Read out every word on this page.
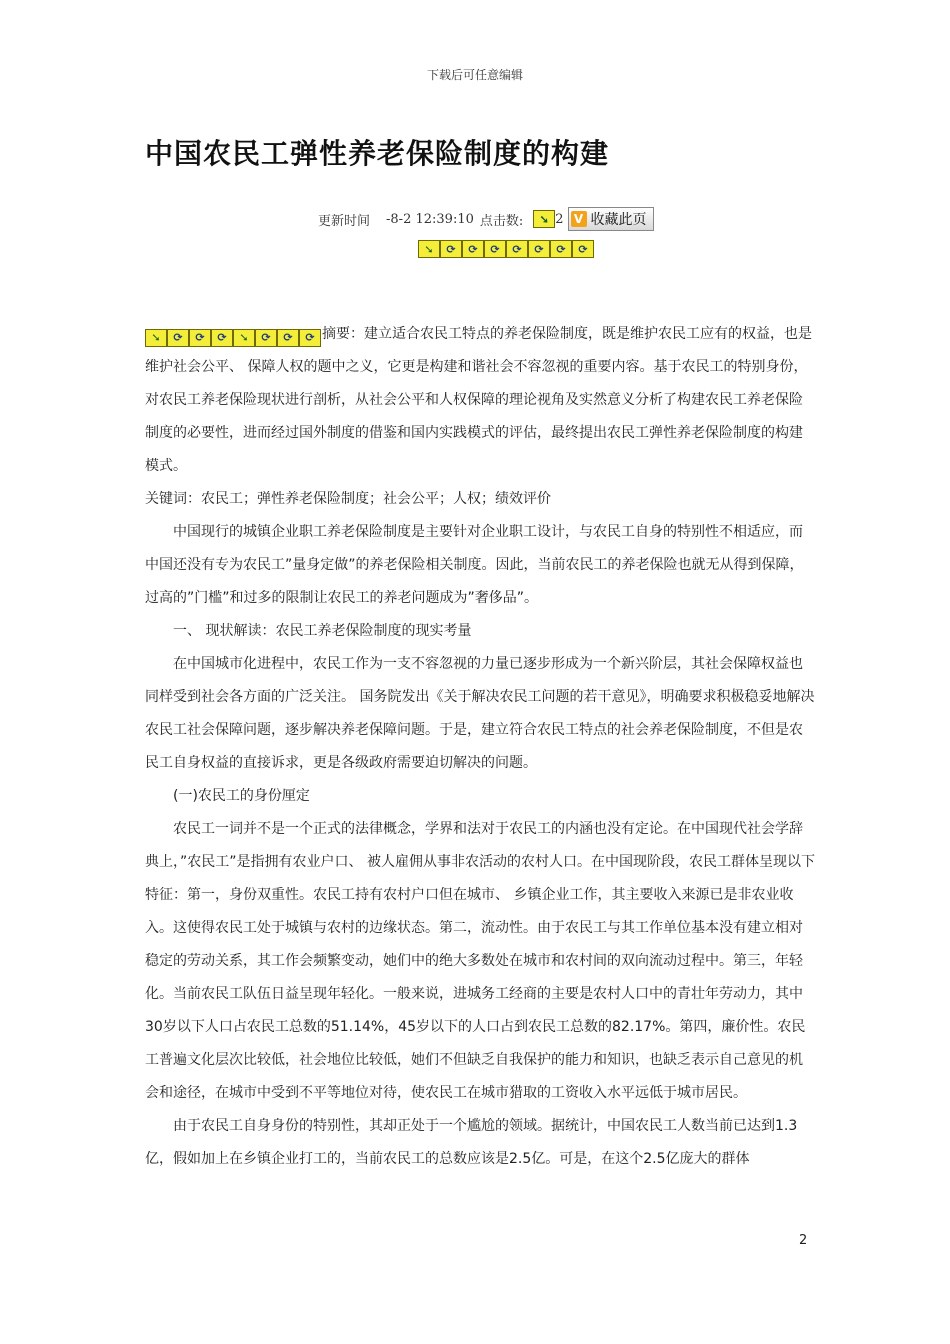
下载后可任意编辑
中国农民工弹性养老保险制度的构建
更新时间 -8-2 12:39:10 点击数:	➘ 2 V 收藏此页
➘	⟳	⟳	⟳	⟳	⟳	⟳	⟳

➘	⟳	⟳	⟳	➘	⟳	⟳	⟳ 摘要：建立适合农民工特点的养老保险制度，既是维护农民工应有的权益，也是维护社会公平、 保障人权的题中之义，它更是构建和谐社会不容忽视的重要内容。基于农民工的特别身份，对农民工养老保险现状进行剖析，从社会公平和人权保障的理论视角及实然意义分析了构建农民工养老保险制度的必要性，进而经过国外制度的借鉴和国内实践模式的评估，最终提出农民工弹性养老保险制度的构建模式。

关键词：农民工；弹性养老保险制度；社会公平；人权；绩效评价

中国现行的城镇企业职工养老保险制度是主要针对企业职工设计，与农民工自身的特别性不相适应，而中国还没有专为农民工”量身定做”的养老保险相关制度。因此，当前农民工的养老保险也就无从得到保障，过高的”门槛”和过多的限制让农民工的养老问题成为”奢侈品”。

一、 现状解读：农民工养老保险制度的现实考量

在中国城市化进程中，农民工作为一支不容忽视的力量已逐步形成为一个新兴阶层，其社会保障权益也同样受到社会各方面的广泛关注。 国务院发出《关于解决农民工问题的若干意见》，明确要求积极稳妥地解决农民工社会保障问题，逐步解决养老保障问题。于是，建立符合农民工特点的社会养老保险制度，不但是农民工自身权益的直接诉求，更是各级政府需要迫切解决的问题。

(一)农民工的身份厘定

农民工一词并不是一个正式的法律概念，学界和法对于农民工的内涵也没有定论。在中国现代社会学辞典上，”农民工”是指拥有农业户口、 被人雇佣从事非农活动的农村人口。在中国现阶段，农民工群体呈现以下特征：第一，身份双重性。农民工持有农村户口但在城市、 乡镇企业工作，其主要收入来源已是非农业收入。这使得农民工处于城镇与农村的边缘状态。第二，流动性。由于农民工与其工作单位基本没有建立相对稳定的劳动关系，其工作会频繁变动，她们中的绝大多数处在城市和农村间的双向流动过程中。第三，年轻化。当前农民工队伍日益呈现年轻化。一般来说，进城务工经商的主要是农村人口中的青壮年劳动力，其中30岁以下人口占农民工总数的51.14%，45岁以下的人口占到农民工总数的82.17%。第四，廉价性。农民工普遍文化层次比较低，社会地位比较低，她们不但缺乏自我保护的能力和知识，也缺乏表示自己意见的机会和途径，在城市中受到不平等地位对待，使农民工在城市猎取的工资收入水平远低于城市居民。

由于农民工自身身份的特别性，其却正处于一个尴尬的领域。据统计，中国农民工人数当前已达到1.3亿，假如加上在乡镇企业打工的，当前农民工的总数应该是2.5亿。可是，在这个2.5亿庞大的群体

2
